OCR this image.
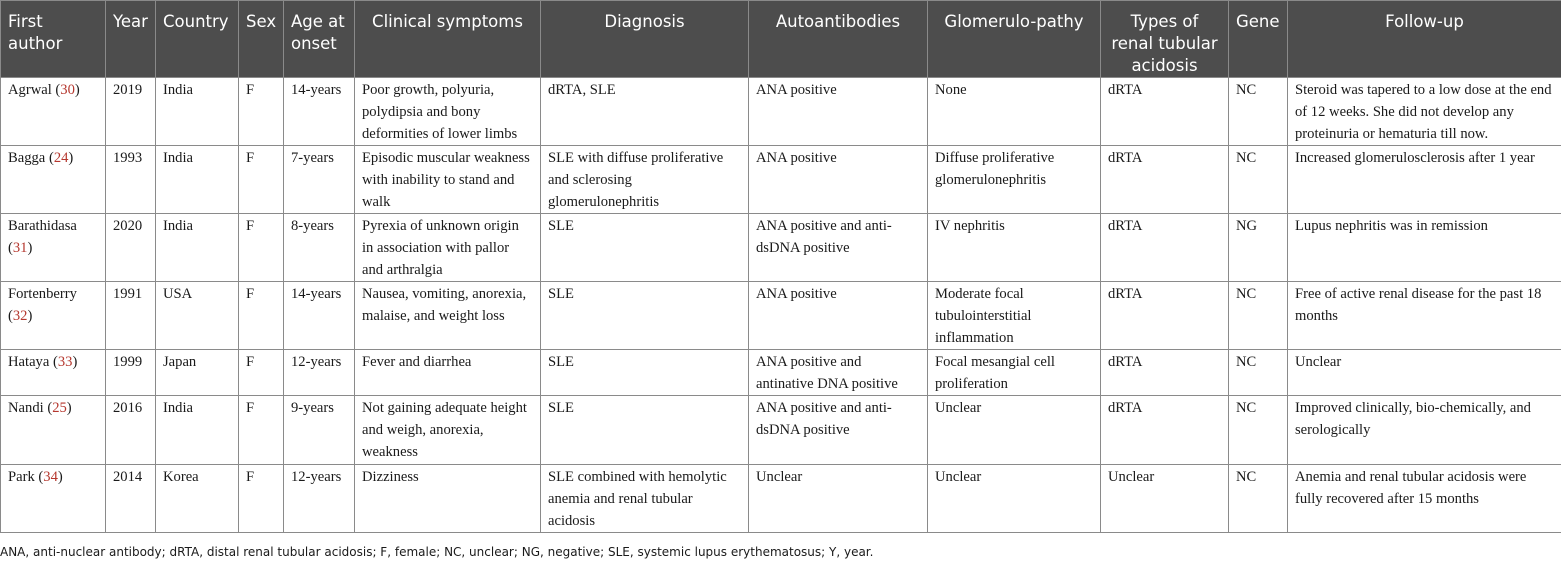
First author	Year	Country	Sex	Age at onset	Clinical symptoms	Diagnosis	Autoantibodies	Glomerulo-pathy	Types of renal tubular acidosis	Gene	Follow-up
Agrwal (30)	2019	India	F	14-years	Poor growth, polyuria, polydipsia and bony deformities of lower limbs	dRTA, SLE	ANA positive	None	dRTA	NC	Steroid was tapered to a low dose at the end of 12 weeks. She did not develop any proteinuria or hematuria till now.
Bagga (24)	1993	India	F	7-years	Episodic muscular weakness with inability to stand and walk	SLE with diffuse proliferative and sclerosing glomerulonephritis	ANA positive	Diffuse proliferative glomerulonephritis	dRTA	NC	Increased glomerulosclerosis after 1 year
Barathidasa (31)	2020	India	F	8-years	Pyrexia of unknown origin in association with pallor and arthralgia	SLE	ANA positive and anti-dsDNA positive	IV nephritis	dRTA	NG	Lupus nephritis was in remission
Fortenberry (32)	1991	USA	F	14-years	Nausea, vomiting, anorexia, malaise, and weight loss	SLE	ANA positive	Moderate focal tubulointerstitial inflammation	dRTA	NC	Free of active renal disease for the past 18 months
Hataya (33)	1999	Japan	F	12-years	Fever and diarrhea	SLE	ANA positive and antinative DNA positive	Focal mesangial cell proliferation	dRTA	NC	Unclear
Nandi (25)	2016	India	F	9-years	Not gaining adequate height and weigh, anorexia, weakness	SLE	ANA positive and anti-dsDNA positive	Unclear	dRTA	NC	Improved clinically, bio-chemically, and serologically
Park (34)	2014	Korea	F	12-years	Dizziness	SLE combined with hemolytic anemia and renal tubular acidosis	Unclear	Unclear	Unclear	NC	Anemia and renal tubular acidosis were fully recovered after 15 months
ANA, anti-nuclear antibody; dRTA, distal renal tubular acidosis; F, female; NC, unclear; NG, negative; SLE, systemic lupus erythematosus; Y, year.
